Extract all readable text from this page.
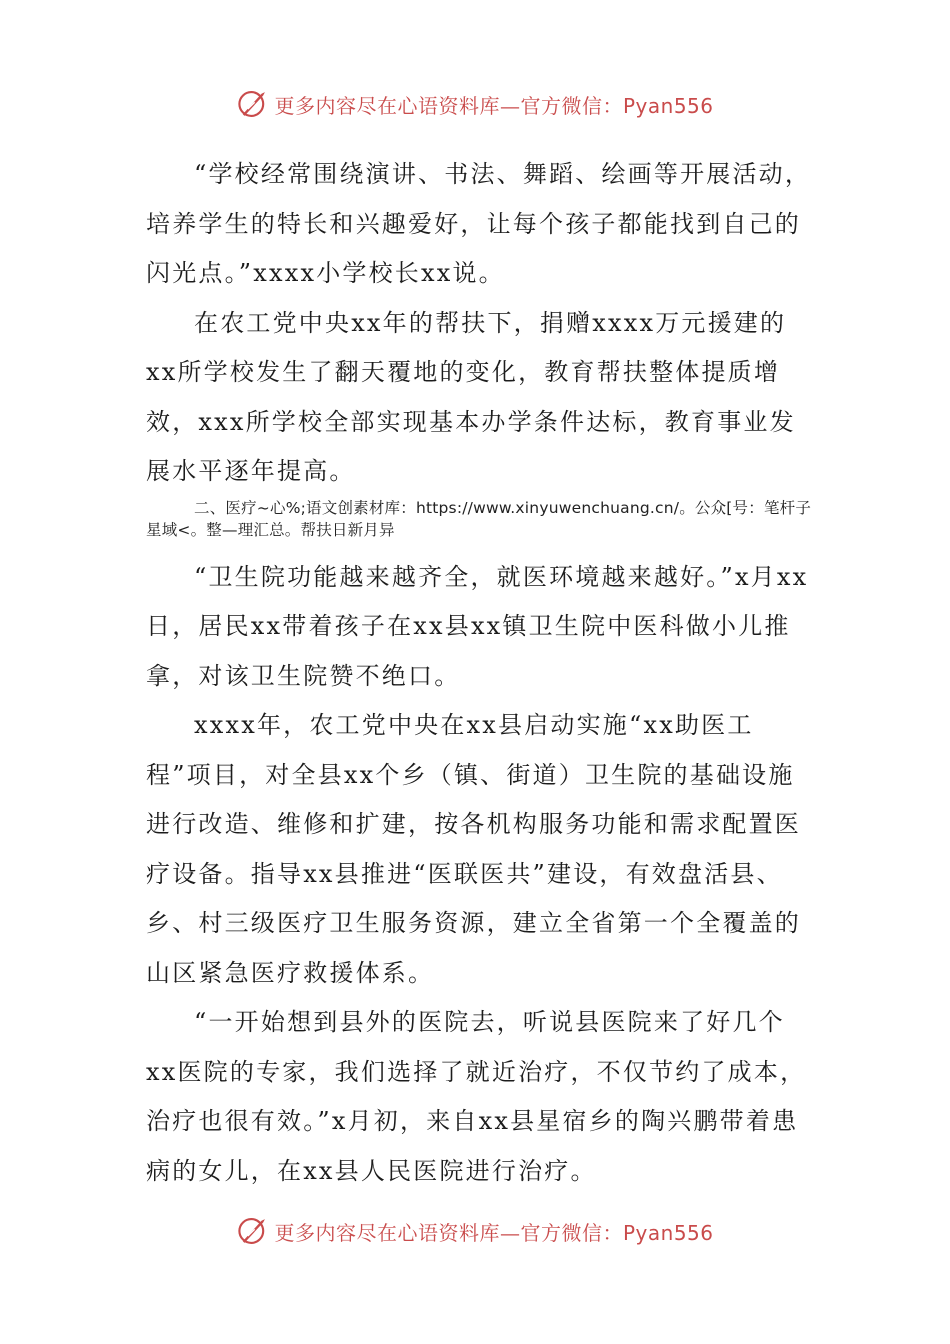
更多内容尽在心语资料库—官方微信：Pyan556

“学校经常围绕演讲、书法、舞蹈、绘画等开展活动，培养学生的特长和兴趣爱好，让每个孩子都能找到自己的闪光点。”xxxx小学校长xx说。

在农工党中央xx年的帮扶下，捐赠xxxx万元援建的xx所学校发生了翻天覆地的变化，教育帮扶整体提质增效，xxx所学校全部实现基本办学条件达标，教育事业发展水平逐年提高。

二、医疗~心%;语文创素材库：https://www.xinyuwenchuang.cn/。公众[号：笔杆子星域<。整—理汇总。帮扶日新月异

“卫生院功能越来越齐全，就医环境越来越好。”x月xx日，居民xx带着孩子在xx县xx镇卫生院中医科做小儿推拿，对该卫生院赞不绝口。

xxxx年，农工党中央在xx县启动实施“xx助医工程”项目，对全县xx个乡（镇、街道）卫生院的基础设施进行改造、维修和扩建，按各机构服务功能和需求配置医疗设备。指导xx县推进“医联医共”建设，有效盘活县、乡、村三级医疗卫生服务资源，建立全省第一个全覆盖的山区紧急医疗救援体系。

“一开始想到县外的医院去，听说县医院来了好几个xx医院的专家，我们选择了就近治疗，不仅节约了成本，治疗也很有效。”x月初，来自xx县星宿乡的陶兴鹏带着患病的女儿，在xx县人民医院进行治疗。

更多内容尽在心语资料库—官方微信：Pyan556
